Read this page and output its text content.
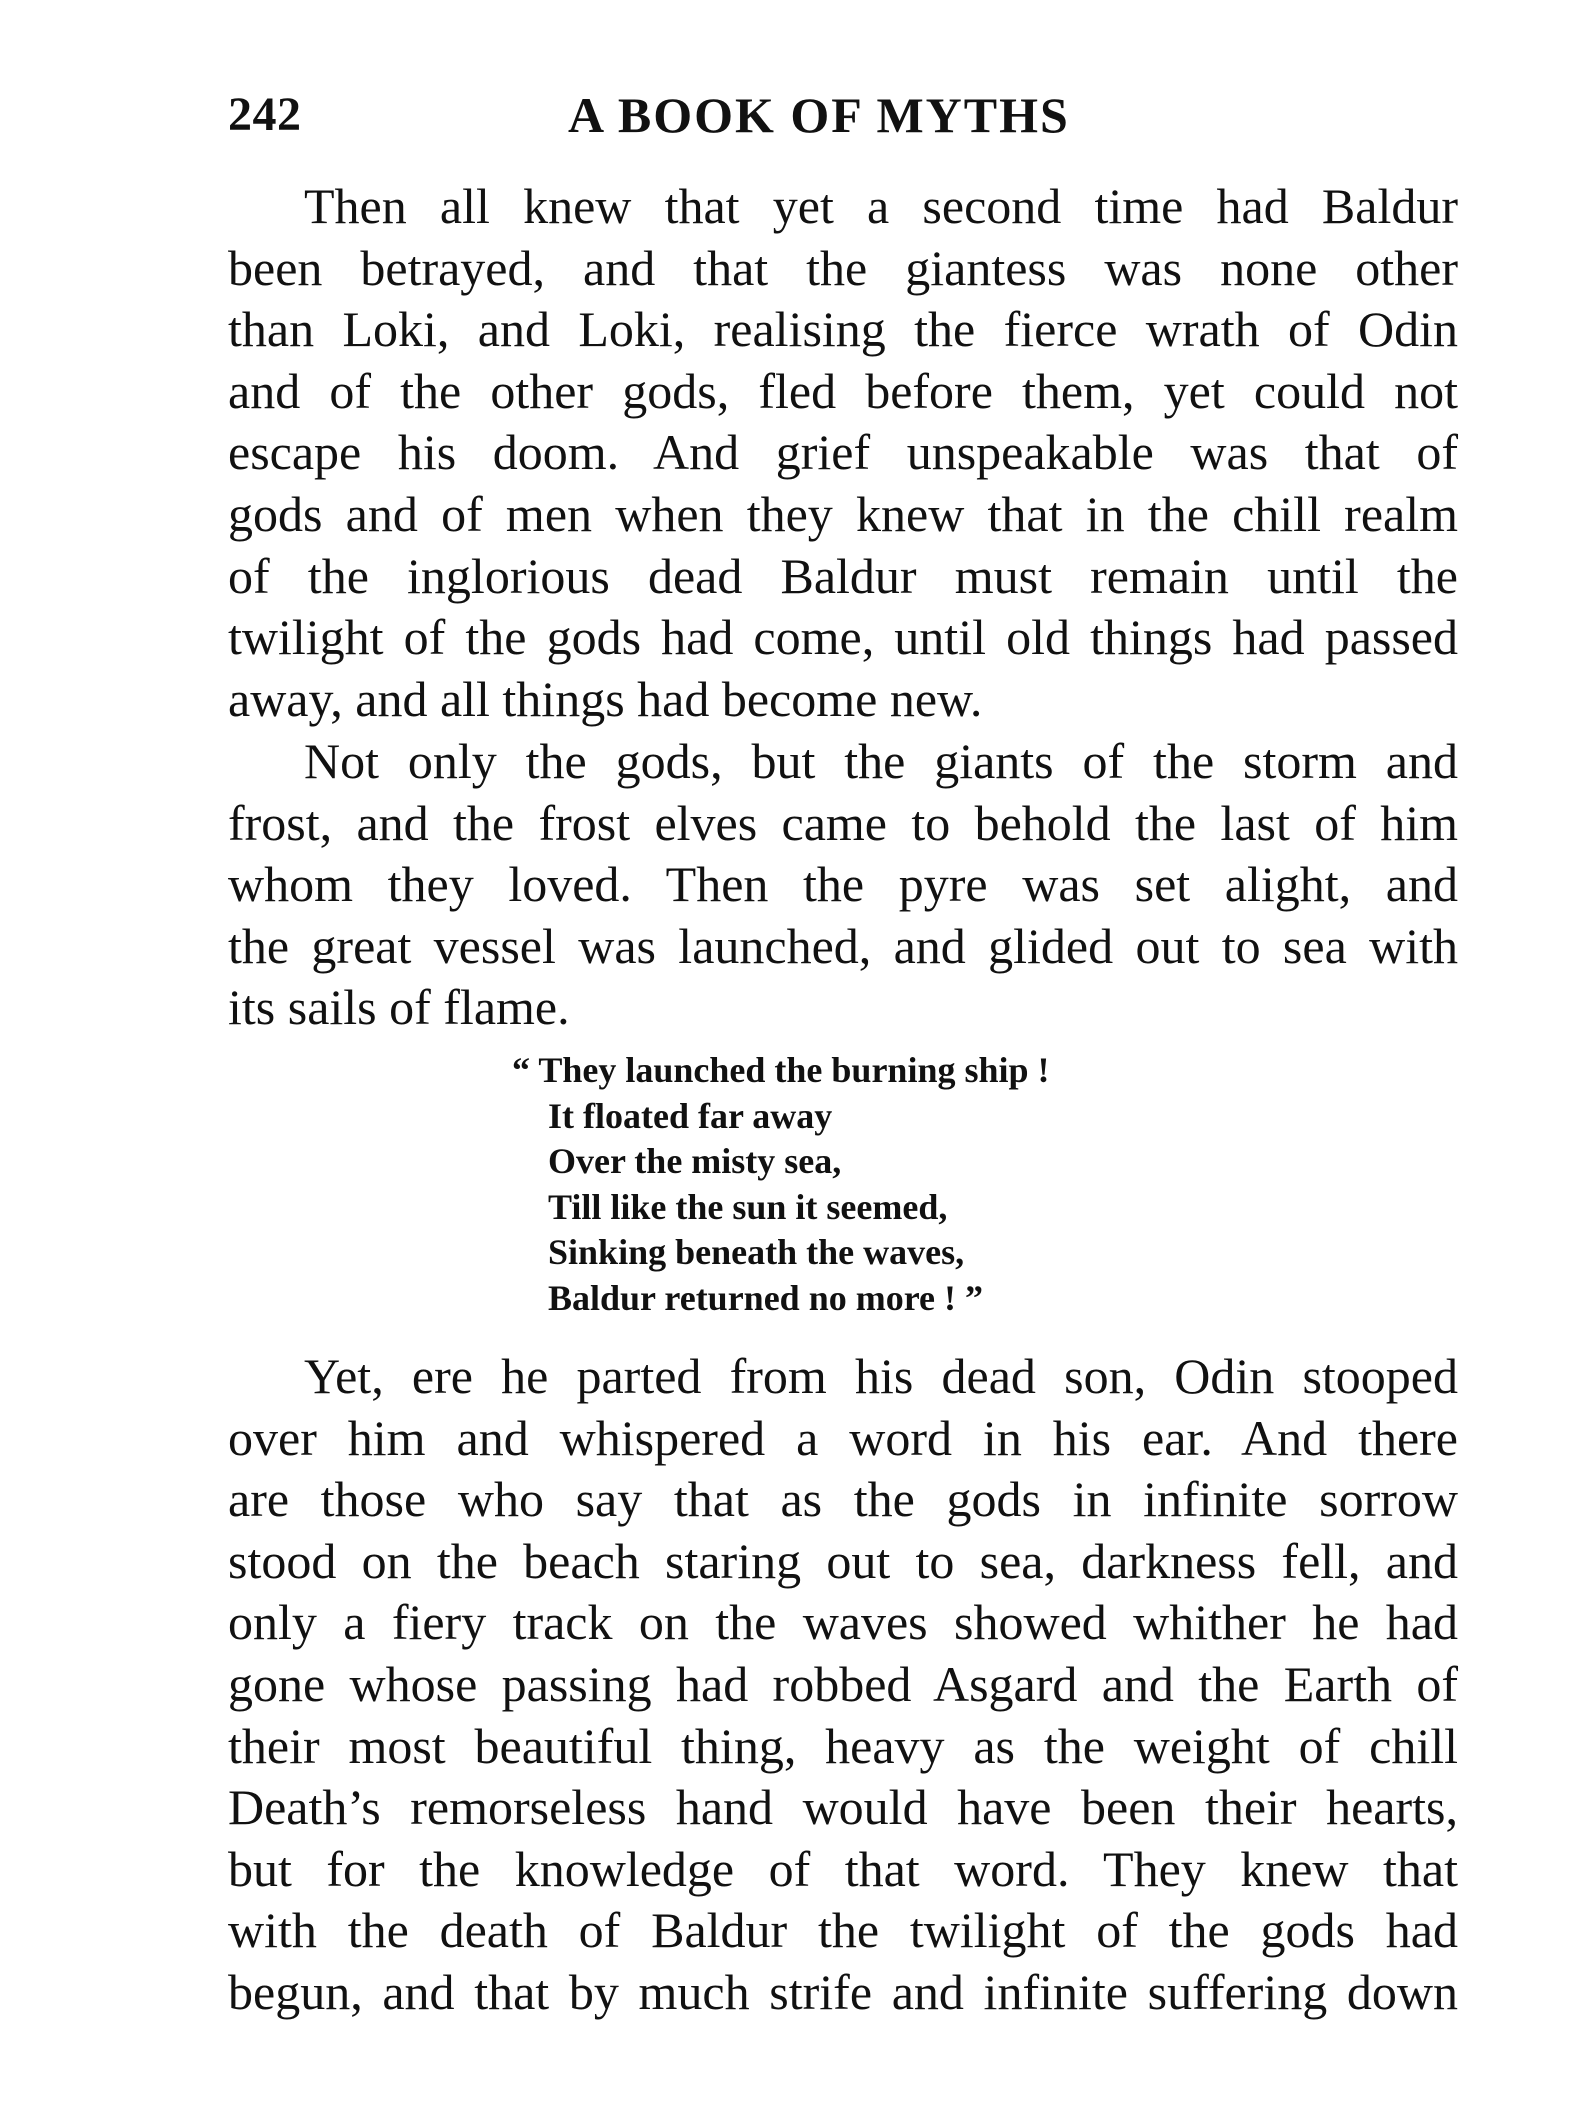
242	A BOOK OF MYTHS
Then all knew that yet a second time had Baldur
been betrayed, and that the giantess was none other
than Loki, and Loki, realising the fierce wrath of Odin
and of the other gods, fled before them, yet could not
escape his doom. And grief unspeakable was that of
gods and of men when they knew that in the chill realm
of the inglorious dead Baldur must remain until the
twilight of the gods had come, until old things had passed
away, and all things had become new.
Not only the gods, but the giants of the storm and
frost, and the frost elves came to behold the last of him
whom they loved. Then the pyre was set alight, and
the great vessel was launched, and glided out to sea with
its sails of flame.
“ They launched the burning ship !
It floated far away
Over the misty sea,
Till like the sun it seemed,
Sinking beneath the waves,
Baldur returned no more ! ”
Yet, ere he parted from his dead son, Odin stooped
over him and whispered a word in his ear. And there
are those who say that as the gods in infinite sorrow
stood on the beach staring out to sea, darkness fell, and
only a fiery track on the waves showed whither he had
gone whose passing had robbed Asgard and the Earth of
their most beautiful thing, heavy as the weight of chill
Death’s remorseless hand would have been their hearts,
but for the knowledge of that word. They knew that
with the death of Baldur the twilight of the gods had
begun, and that by much strife and infinite suffering down
